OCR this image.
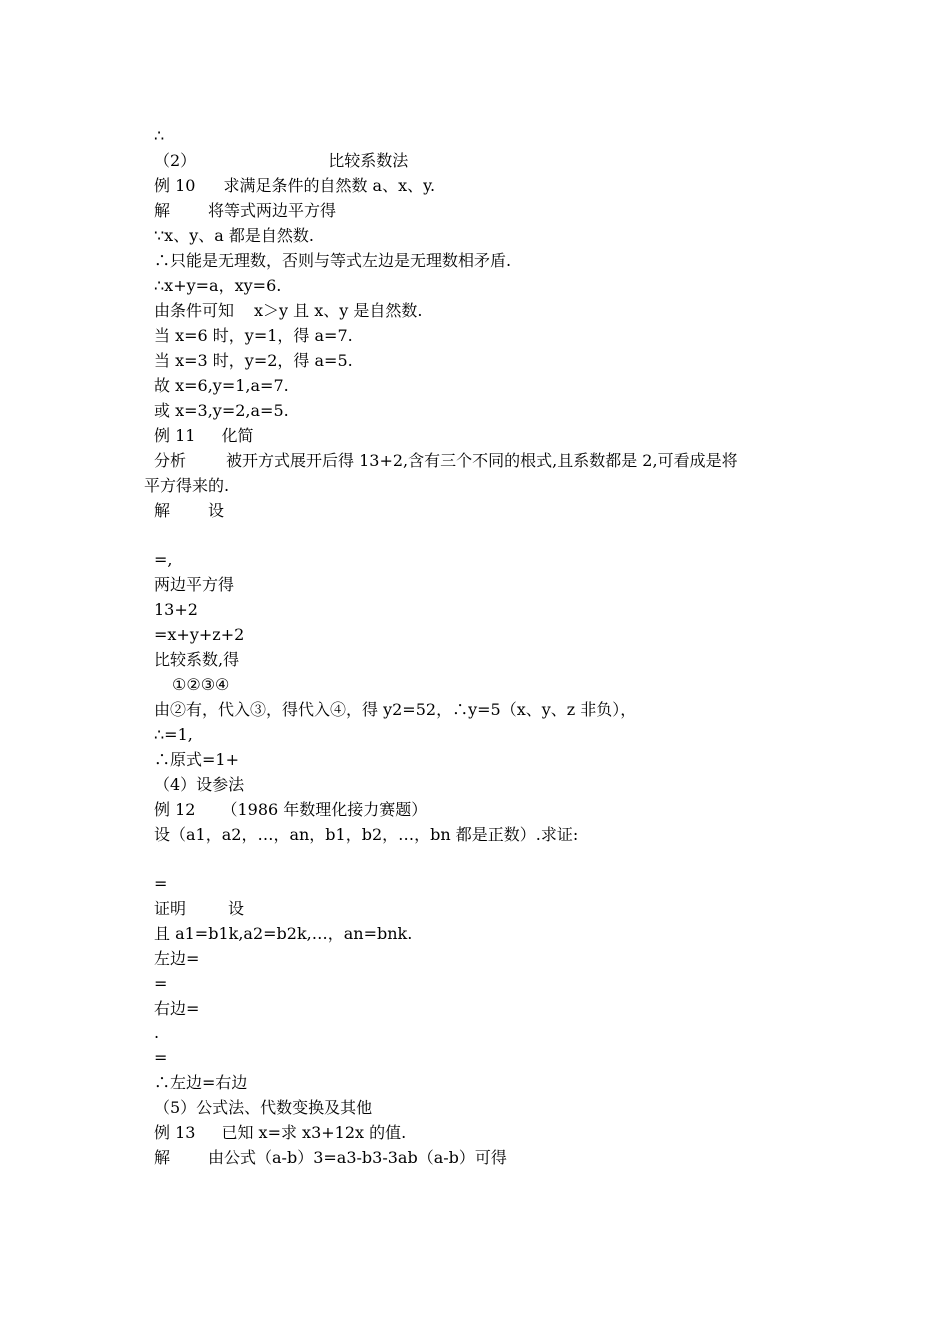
∴
（2）	比较系数法
例 10 求满足条件的自然数 a、x、y.
解 将等式两边平方得
∵x、y、a 都是自然数.
∴只能是无理数，否则与等式左边是无理数相矛盾.
∴x+y=a，xy=6.
由条件可知 x＞y 且 x、y 是自然数.
当 x=6 时，y=1，得 a=7.
当 x=3 时，y=2，得 a=5.
故 x=6,y=1,a=7.
或 x=3,y=2,a=5.
例 11 化简
分析	被开方式展开后得 13+2,含有三个不同的根式,且系数都是 2,可看成是将
平方得来的.
解 设
=,
两边平方得
13+2
=x+y+z+2
比较系数,得
①②③④
由②有，代入③，得代入④，得 y2=52，∴y=5（x、y、z 非负），
∴=1,
∴原式=1+
（4）设参法
例 12 （1986 年数理化接力赛题）
设（a1，a2，…，an，b1，b2，…，bn 都是正数）.求证:
=
证明	设
且 a1=b1k,a2=b2k,…，an=bnk.
左边=
=
右边=
.
=
∴左边=右边
（5）公式法、代数变换及其他
例 13 已知 x=求 x3+12x 的值.
解 由公式（a-b）3=a3-b3-3ab（a-b）可得
